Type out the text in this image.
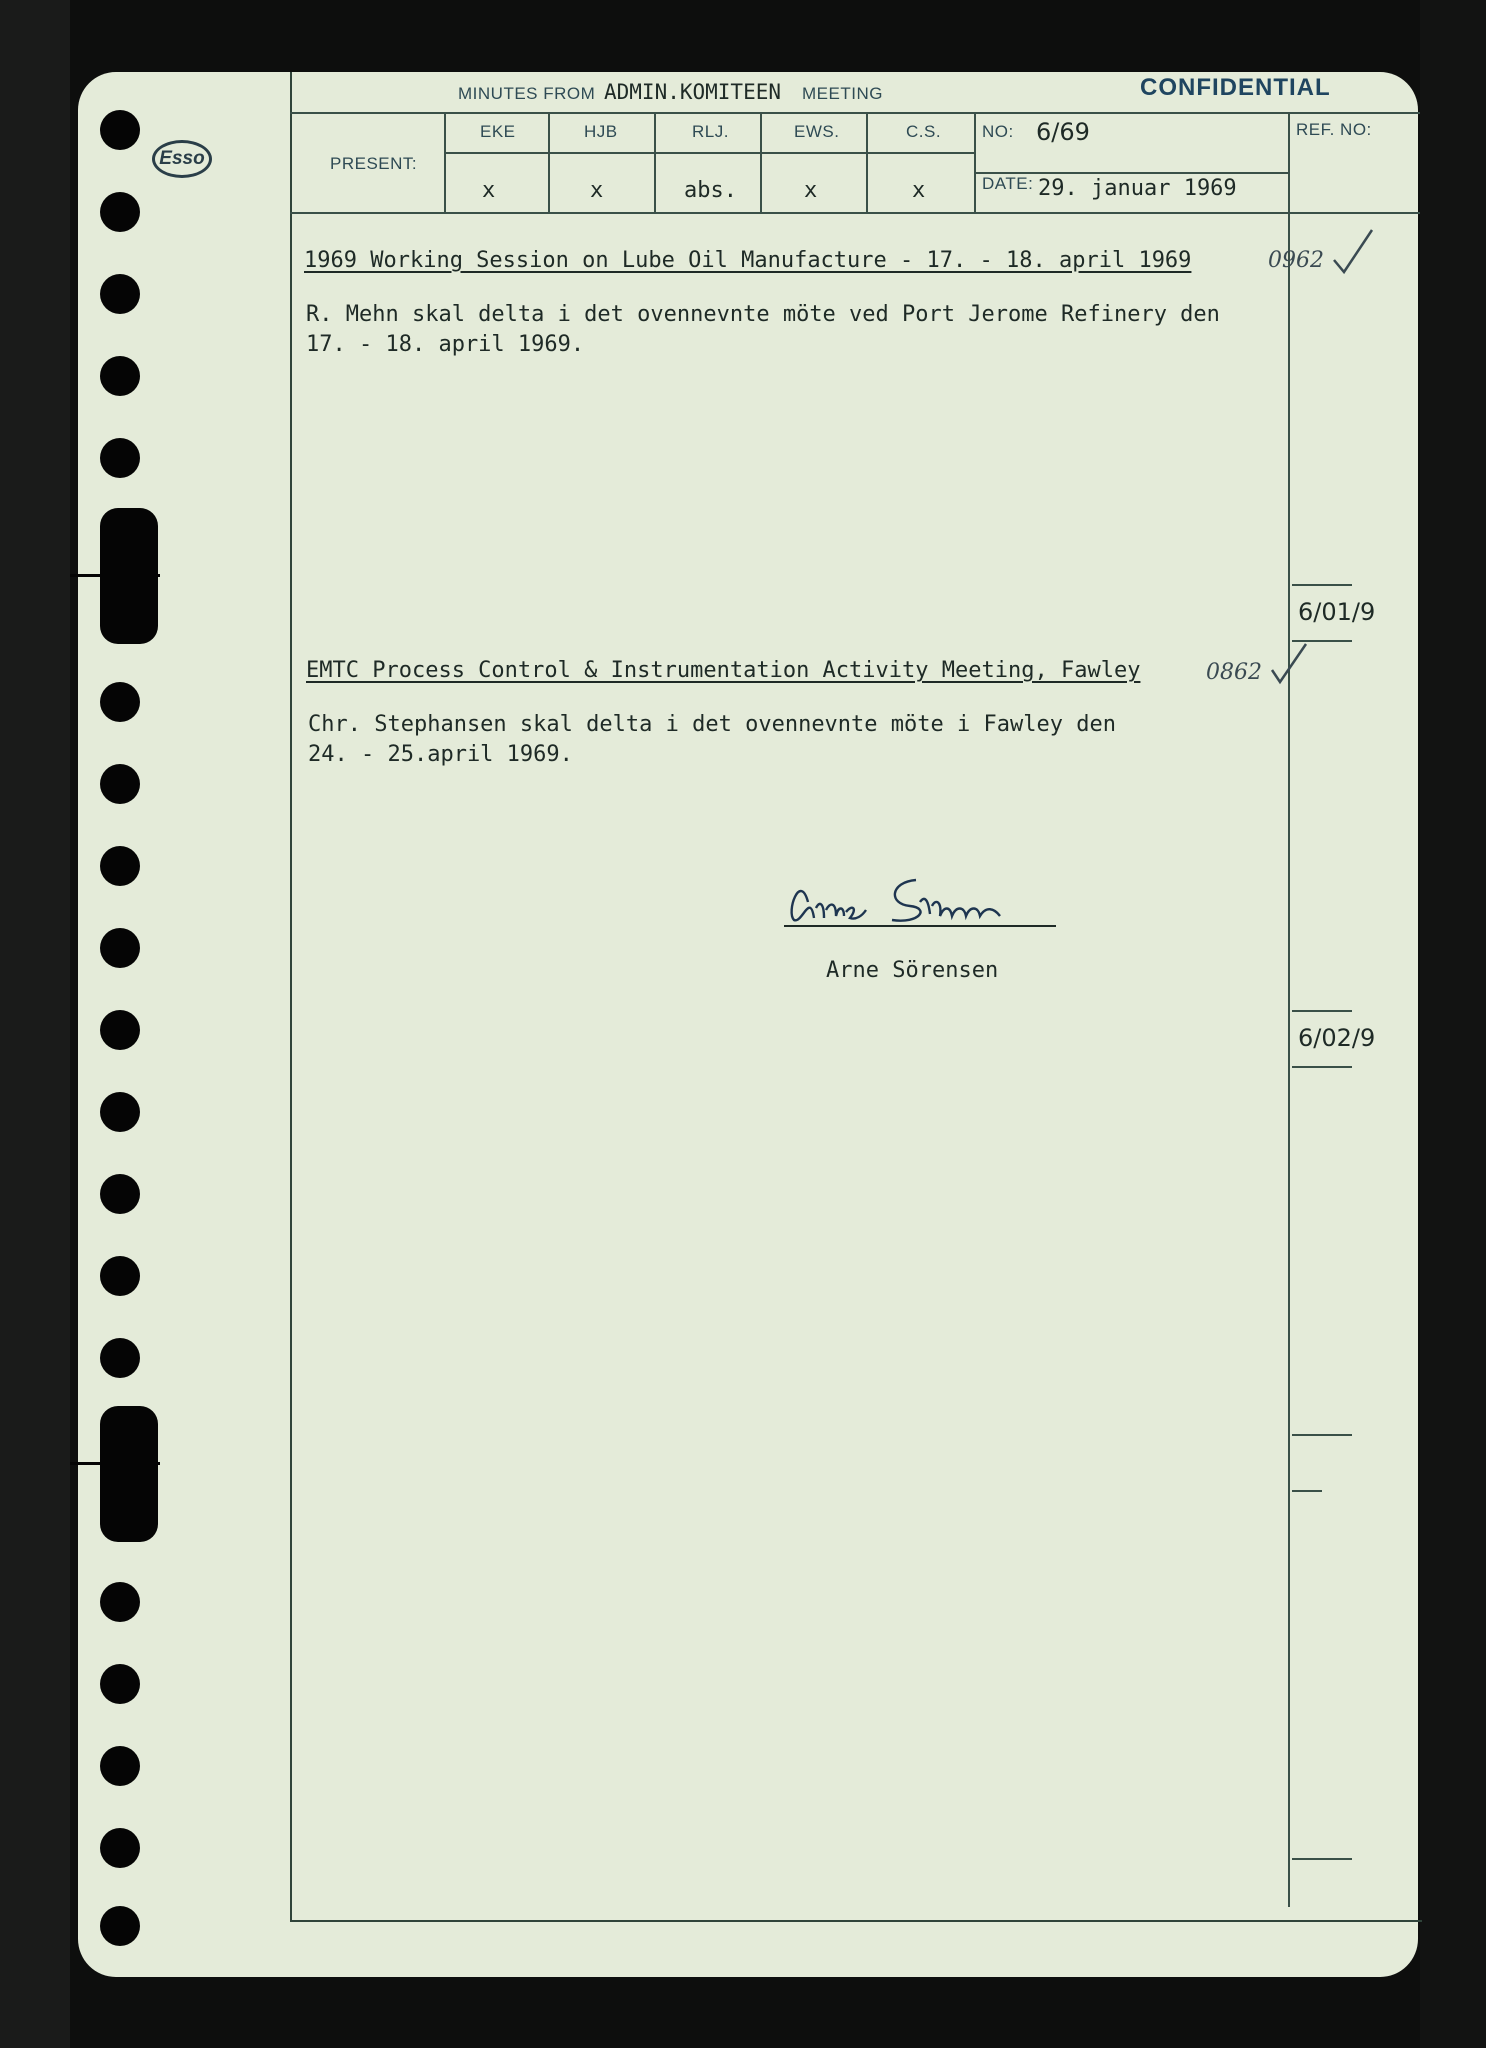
Esso
MINUTES FROM ADMIN.KOMITEEN MEETING	CONFIDENTIAL
PRESENT:
EKE	HJB	RLJ.	EWS.	C.S.
x	x	abs.	x	x
NO: 6/69
DATE: 29. januar 1969
REF. NO:
1969 Working Session on Lube Oil Manufacture - 17. - 18. april 1969	0962
R. Mehn skal delta i det ovennevnte möte ved Port Jerome Refinery den
17. - 18. april 1969.
6/01/9
EMTC Process Control & Instrumentation Activity Meeting, Fawley	0862
Chr. Stephansen skal delta i det ovennevnte möte i Fawley den
24. - 25.april 1969.
Arne Sörensen
6/02/9
